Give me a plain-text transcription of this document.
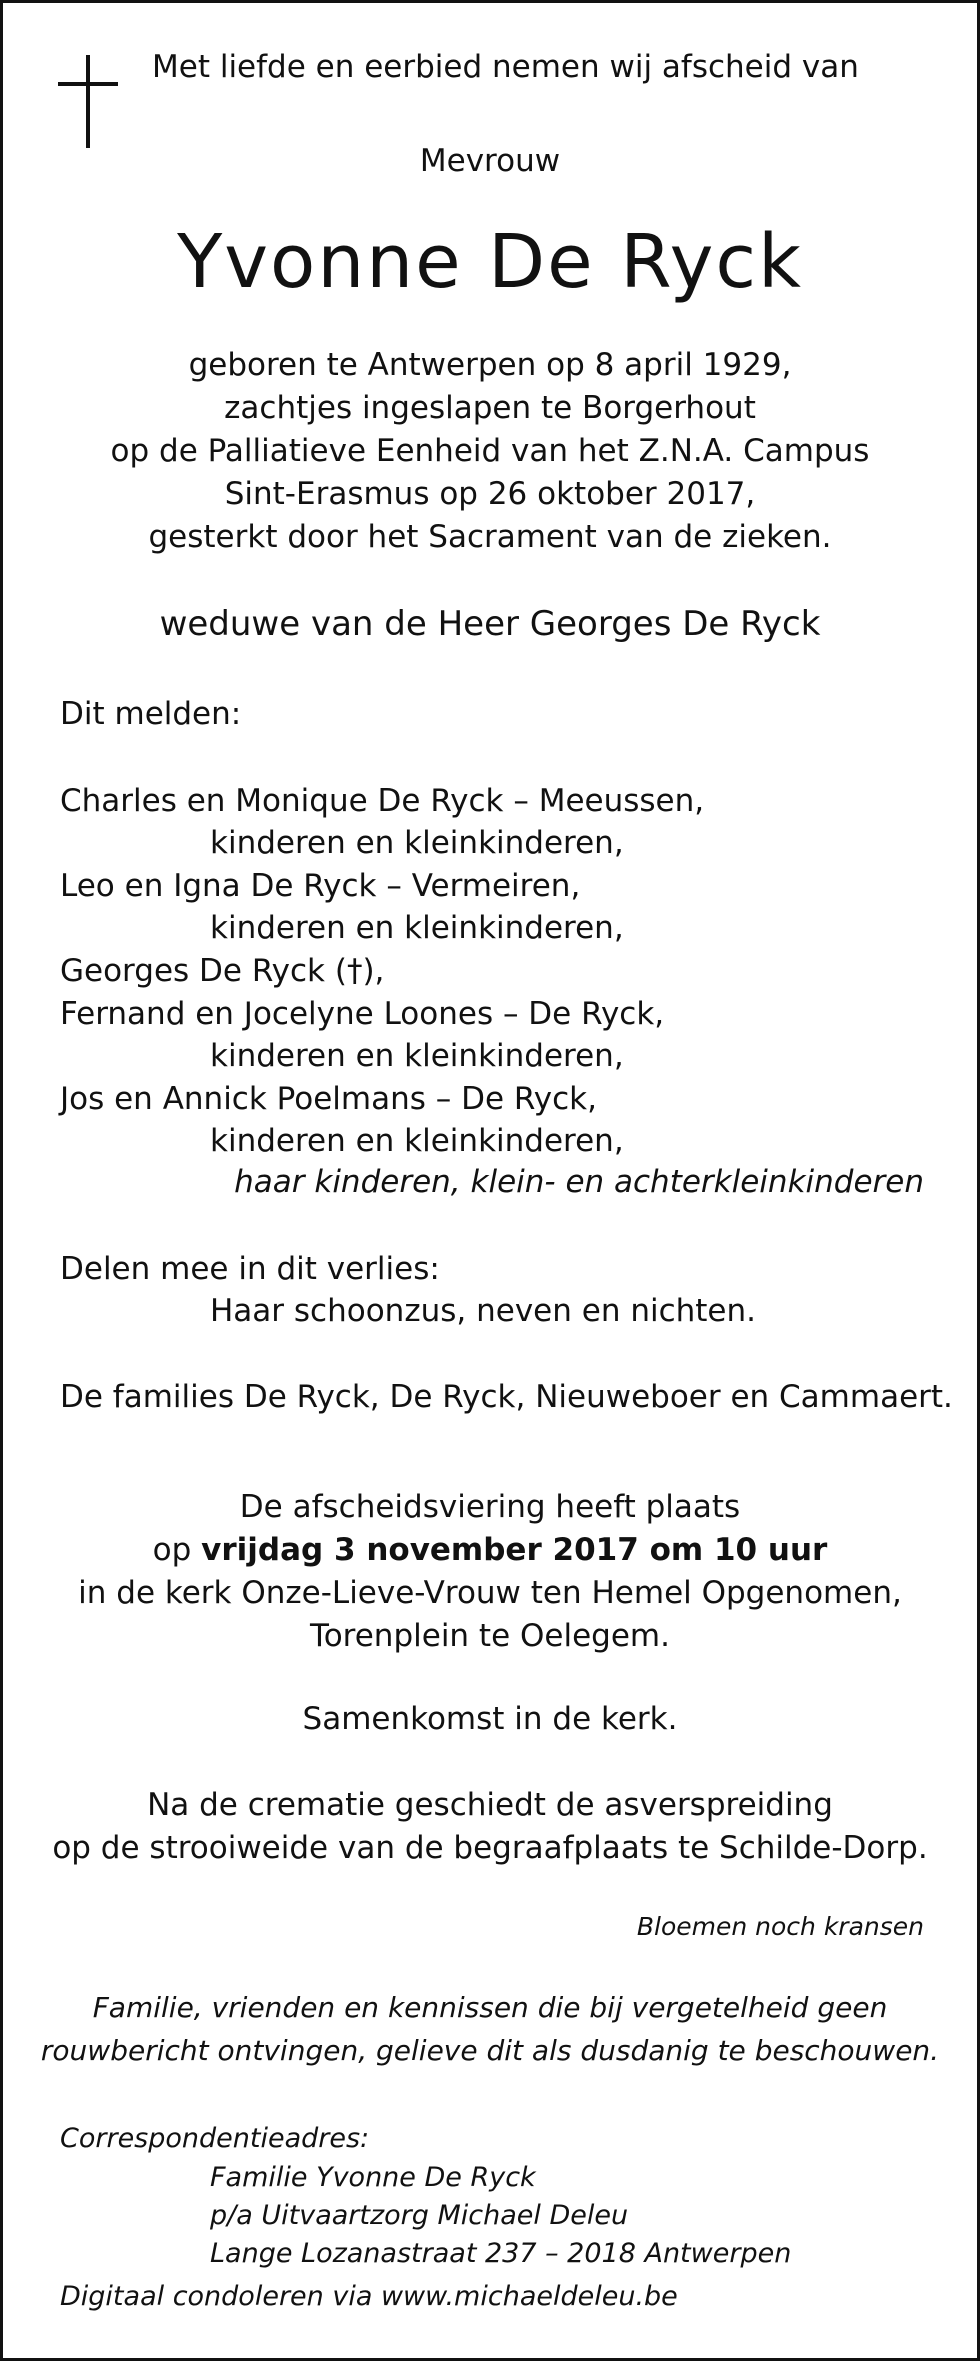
Met liefde en eerbied nemen wij afscheid van
Mevrouw
Yvonne De Ryck
geboren te Antwerpen op 8 april 1929,
zachtjes ingeslapen te Borgerhout
op de Palliatieve Eenheid van het Z.N.A. Campus
Sint-Erasmus op 26 oktober 2017,
gesterkt door het Sacrament van de zieken.
weduwe van de Heer Georges De Ryck
Dit melden:
Charles en Monique De Ryck – Meeussen,
kinderen en kleinkinderen,
Leo en Igna De Ryck – Vermeiren,
kinderen en kleinkinderen,
Georges De Ryck (†),
Fernand en Jocelyne Loones – De Ryck,
kinderen en kleinkinderen,
Jos en Annick Poelmans – De Ryck,
kinderen en kleinkinderen,
haar kinderen, klein- en achterkleinkinderen
Delen mee in dit verlies:
Haar schoonzus, neven en nichten.
De families De Ryck, De Ryck, Nieuweboer en Cammaert.
De afscheidsviering heeft plaats
op vrijdag 3 november 2017 om 10 uur
in de kerk Onze-Lieve-Vrouw ten Hemel Opgenomen,
Torenplein te Oelegem.
Samenkomst in de kerk.
Na de crematie geschiedt de asverspreiding
op de strooiweide van de begraafplaats te Schilde-Dorp.
Bloemen noch kransen
Familie, vrienden en kennissen die bij vergetelheid geen
rouwbericht ontvingen, gelieve dit als dusdanig te beschouwen.
Correspondentieadres:
Familie Yvonne De Ryck
p/a Uitvaartzorg Michael Deleu
Lange Lozanastraat 237 – 2018 Antwerpen
Digitaal condoleren via www.michaeldeleu.be
